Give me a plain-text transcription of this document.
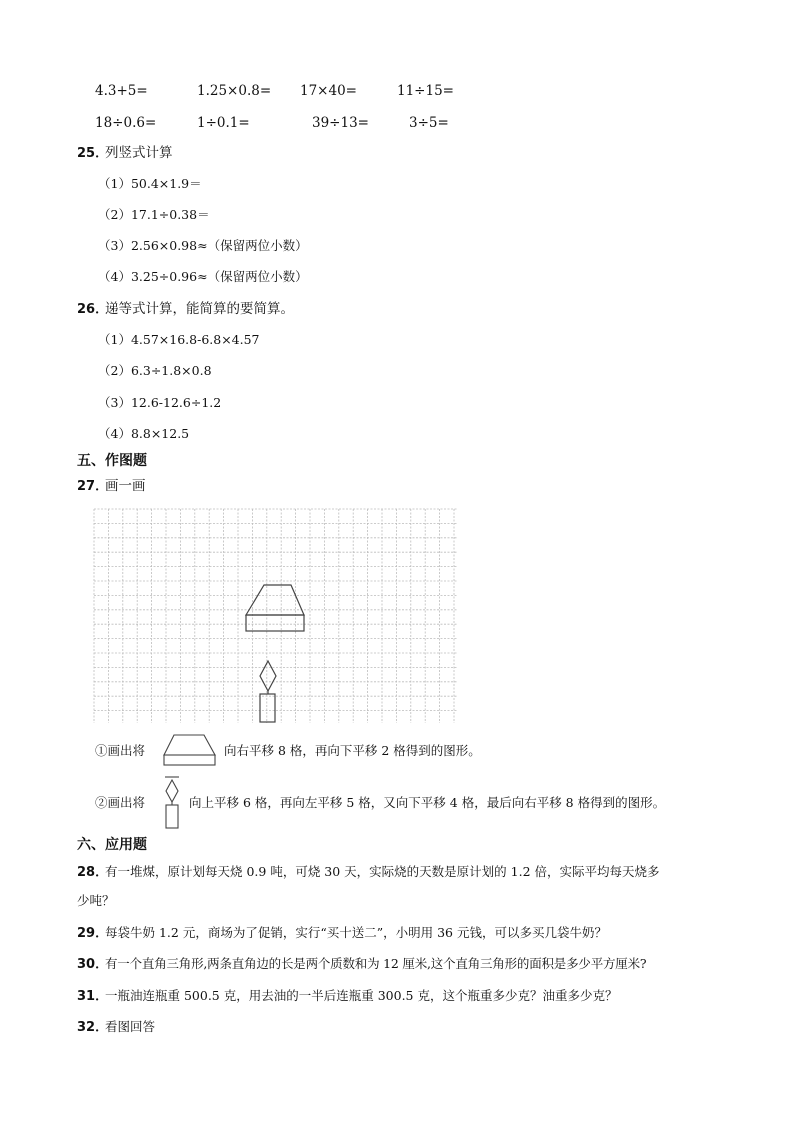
4.3+5=	1.25×0.8= 17×40=	11÷15=
18÷0.6=	1÷0.1=	39÷13=	3÷5=
25．
列竖式计算
（1）50.4×1.9＝
（2）17.1÷0.38＝
（3）2.56×0.98≈（保留两位小数）
（4）3.25÷0.96≈（保留两位小数）
26．
递等式计算，能简算的要简算。
（1）4.57×16.8-6.8×4.57
（2）6.3÷1.8×0.8
（3）12.6-12.6÷1.2
（4）8.8×12.5
五、作图题
27．
画一画
①画出将	向右平移 8 格，再向下平移 2 格得到的图形。
②画出将	向上平移 6 格，再向左平移 5 格，又向下平移 4 格，最后向右平移 8 格得到的图形。
六、应用题
28．
有一堆煤，原计划每天烧 0.9 吨，可烧 30 天，实际烧的天数是原计划的 1.2 倍，实际平均每天烧多
少吨？
29．
每袋牛奶 1.2 元，商场为了促销，实行“买十送二”，小明用 36 元钱，可以多买几袋牛奶？
30．
有一个直角三角形,两条直角边的长是两个质数和为 12 厘米,这个直角三角形的面积是多少平方厘米?
31．
一瓶油连瓶重 500.5 克，用去油的一半后连瓶重 300.5 克，这个瓶重多少克？油重多少克？
32．
看图回答
